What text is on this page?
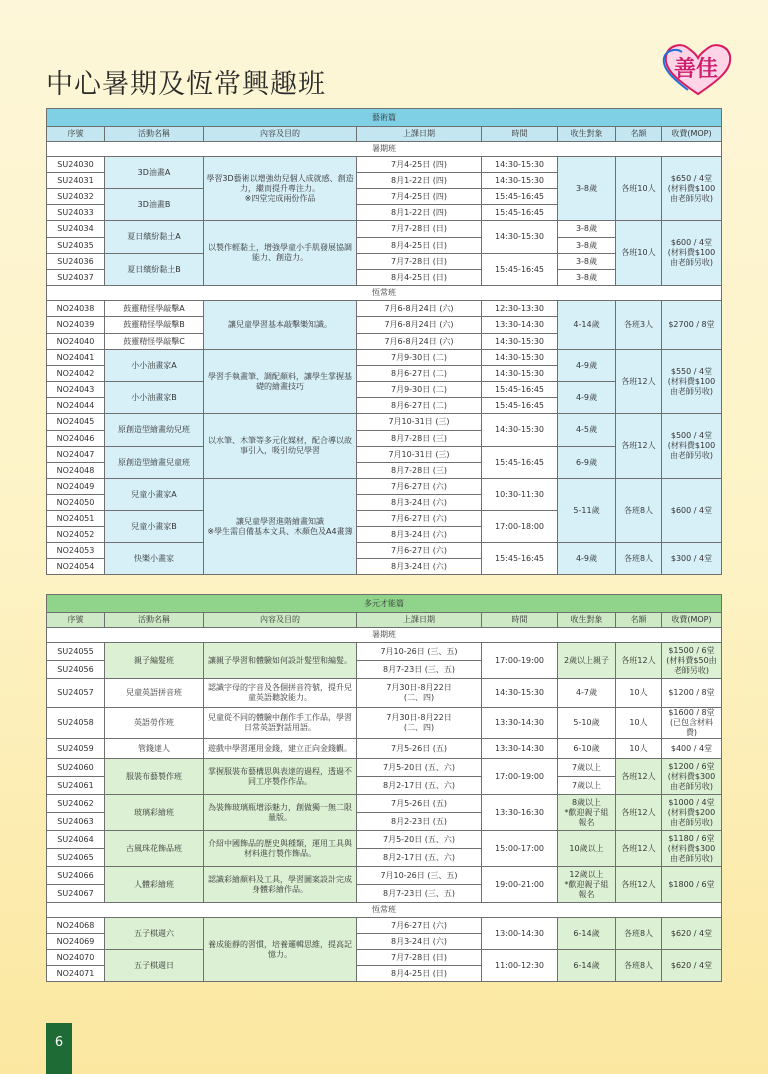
中心暑期及恆常興趣班	善佳
藝術篇							
序號	活動名稱	內容及目的	上課日期	時間	收生對象	名額	收費(MOP)
暑期班							
SU24030	3D油畫A	學習3D藝術以增強幼兒個人成就感、創造力，繼而提升專注力。
※四堂完成兩份作品	7月4-25日 (四)	14:30-15:30	3-8歲	各班10人	$650 / 4堂
(材料費$100
由老師另收)
SU24031			8月1-22日 (四)	14:30-15:30			
SU24032	3D油畫B		7月4-25日 (四)	15:45-16:45			
SU24033			8月1-22日 (四)	15:45-16:45			
SU24034	夏日繽紛黏土A	以製作輕黏土，增強學童小手肌發展協調能力、創造力。	7月7-28日 (日)	14:30-15:30	3-8歲	各班10人	$600 / 4堂
(材料費$100
由老師另收)
SU24035			8月4-25日 (日)		3-8歲		
SU24036	夏日繽紛黏土B		7月7-28日 (日)	15:45-16:45	3-8歲		
SU24037			8月4-25日 (日)		3-8歲		
恆常班							
NO24038	鼓靈精怪學敲擊A	讓兒童學習基本敲擊樂知識。	7月6-8月24日 (六)	12:30-13:30	4-14歲	各班3人	$2700 / 8堂
NO24039	鼓靈精怪學敲擊B		7月6-8月24日 (六)	13:30-14:30			
NO24040	鼓靈精怪學敲擊C		7月6-8月24日 (六)	14:30-15:30			
NO24041	小小油畫家A	學習手執畫筆、調配顏料，讓學生掌握基礎的繪畫技巧	7月9-30日 (二)	14:30-15:30	4-9歲	各班12人	$550 / 4堂
(材料費$100
由老師另收)
NO24042			8月6-27日 (二)	14:30-15:30			
NO24043	小小油畫家B		7月9-30日 (二)	15:45-16:45	4-9歲		
NO24044			8月6-27日 (二)	15:45-16:45			
NO24045	原創造型繪畫幼兒班	以水筆、木筆等多元化媒材，配合導以故事引入，吸引幼兒學習	7月10-31日 (三)	14:30-15:30	4-5歲	各班12人	$500 / 4堂
(材料費$100
由老師另收)
NO24046			8月7-28日 (三)				
NO24047	原創造型繪畫兒童班		7月10-31日 (三)	15:45-16:45	6-9歲		
NO24048			8月7-28日 (三)				
NO24049	兒童小畫家A	讓兒童學習進階繪畫知識
※學生需自備基本文具、木顏色及A4畫簿	7月6-27日 (六)	10:30-11:30	5-11歲	各班8人	$600 / 4堂
NO24050			8月3-24日 (六)				
NO24051	兒童小畫家B		7月6-27日 (六)	17:00-18:00			
NO24052			8月3-24日 (六)				
NO24053	快樂小畫家		7月6-27日 (六)	15:45-16:45	4-9歲	各班8人	$300 / 4堂
NO24054			8月3-24日 (六)				
多元才能篇							
序號	活動名稱	內容及目的	上課日期	時間	收生對象	名額	收費(MOP)
暑期班							
SU24055	親子編髮班	讓親子學習和體驗如何設計髮型和編髮。	7月10-26日 (三、五)	17:00-19:00	2歲以上親子	各班12人	$1500 / 6堂
(材料費$50由
老師另收)
SU24056			8月7-23日 (三、五)				
SU24057	兒童英語拼音班	認識字母的字音及各個拼音符號，提升兒童英語聽說能力。	7月30日-8月22日
(二、四)	14:30-15:30	4-7歲	10人	$1200 / 8堂
SU24058	英語勞作班	兒童從不同的體驗中創作手工作品，學習日常英語對話用語。	7月30日-8月22日
(二、四)	13:30-14:30	5-10歲	10人	$1600 / 8堂
(已包含材料
費)
SU24059	管錢達人	遊戲中學習運用金錢，建立正向金錢觀。	7月5-26日 (五)	13:30-14:30	6-10歲	10人	$400 / 4堂
SU24060	服裝布藝製作班	掌握服裝布藝構思與表達的過程，透過不同工序製作作品。	7月5-20日 (五、六)	17:00-19:00	7歲以上	各班12人	$1200 / 6堂
(材料費$300
由老師另收)
SU24061			8月2-17日 (五、六)		7歲以上		
SU24062	玻璃彩繪班	為裝飾玻璃瓶增添魅力，創做獨一無二限量版。	7月5-26日 (五)	13:30-16:30	8歲以上
*歡迎親子組
報名	各班12人	$1000 / 4堂
(材料費$200
由老師另收)
SU24063			8月2-23日 (五)				
SU24064	古風珠花飾品班	介紹中國飾品的歷史與種類，運用工具與材料進行製作飾品。	7月5-20日 (五、六)	15:00-17:00	10歲以上	各班12人	$1180 / 6堂
(材料費$300
由老師另收)
SU24065			8月2-17日 (五、六)				
SU24066	人體彩繪班	認識彩繪顏料及工具，學習圖案設計完成身體彩繪作品。	7月10-26日 (三、五)	19:00-21:00	12歲以上
*歡迎親子組
報名	各班12人	$1800 / 6堂
SU24067			8月7-23日 (三、五)				
恆常班							
NO24068	五子棋週六	養成能靜的習慣，培養邏輯思維，提高記憶力。	7月6-27日 (六)	13:00-14:30	6-14歲	各班8人	$620 / 4堂
NO24069			8月3-24日 (六)				
NO24070	五子棋週日		7月7-28日 (日)	11:00-12:30	6-14歲	各班8人	$620 / 4堂
NO24071			8月4-25日 (日)				
6
